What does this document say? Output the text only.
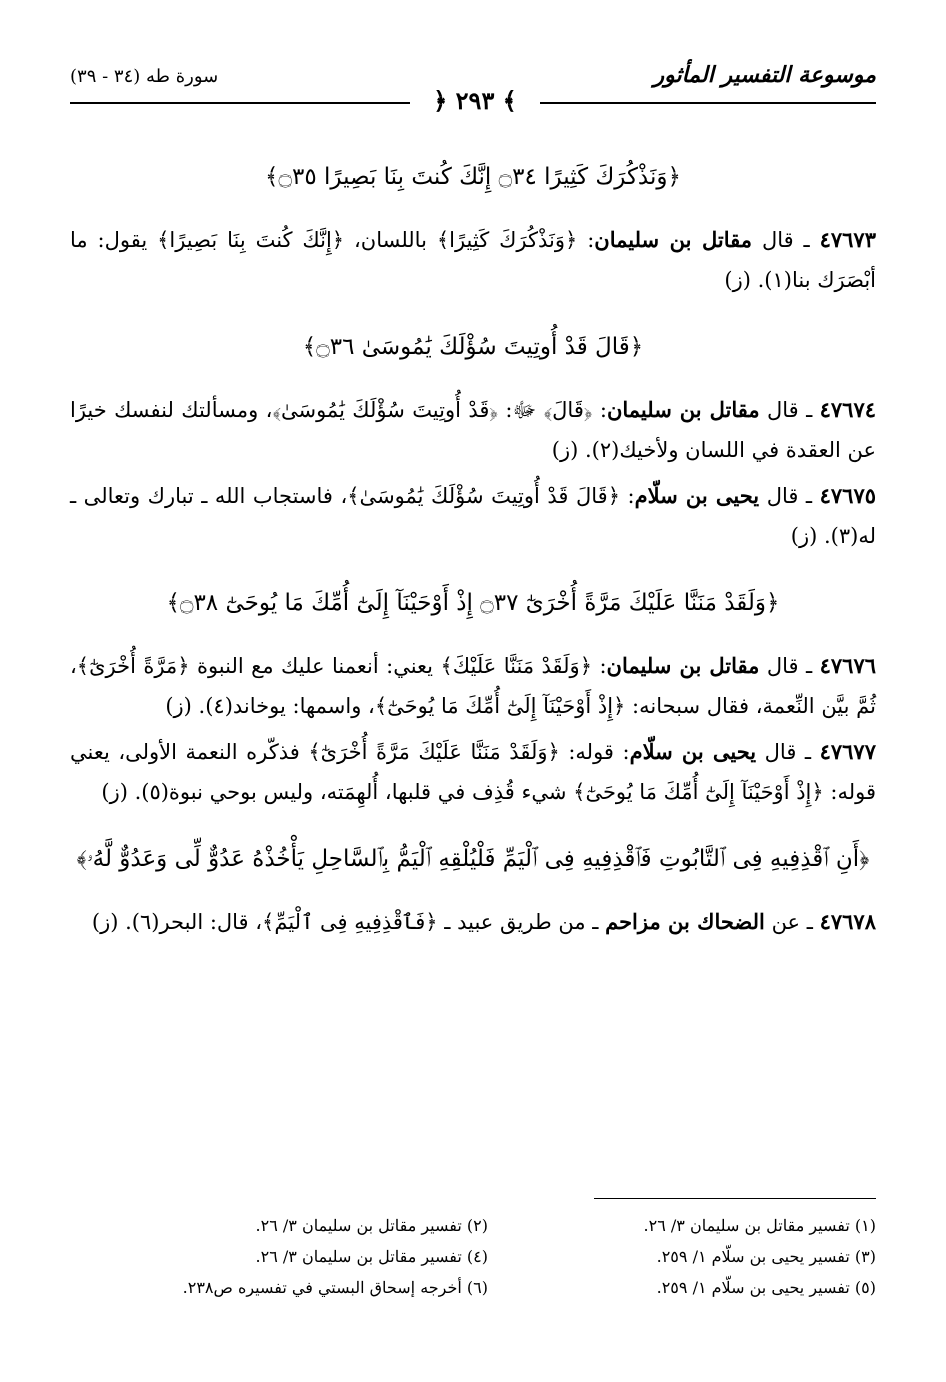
موسوعة التفسير المأثور
سورة طه (٣٤ - ٣٩)
﴿ ٢٩٣ ﴾

﴿وَنَذْكُرَكَ كَثِيرًا ۝٣٤ إِنَّكَ كُنتَ بِنَا بَصِيرًا ۝٣٥﴾

٤٧٦٧٣ ـ قال مقاتل بن سليمان: ﴿وَنَذْكُرَكَ كَثِيرًا﴾ باللسان، ﴿إِنَّكَ كُنتَ بِنَا بَصِيرًا﴾ يقول: ما أبْصَرَك بنا(١). (ز)

﴿قَالَ قَدْ أُوتِيتَ سُؤْلَكَ يَٰمُوسَىٰ ۝٣٦﴾

٤٧٦٧٤ ـ قال مقاتل بن سليمان: ﴿قَالَ﴾ ﷻ: ﴿قَدْ أُوتِيتَ سُؤْلَكَ يَٰمُوسَىٰ﴾، ومسألتك لنفسك خيرًا عن العقدة في اللسان ولأخيك(٢). (ز)

٤٧٦٧٥ ـ قال يحيى بن سلّام: ﴿قَالَ قَدْ أُوتِيتَ سُؤْلَكَ يَٰمُوسَىٰ﴾، فاستجاب الله ـ تبارك وتعالى ـ له(٣). (ز)

﴿وَلَقَدْ مَنَنَّا عَلَيْكَ مَرَّةً أُخْرَىٰٓ ۝٣٧ إِذْ أَوْحَيْنَآ إِلَىٰٓ أُمِّكَ مَا يُوحَىٰٓ ۝٣٨﴾

٤٧٦٧٦ ـ قال مقاتل بن سليمان: ﴿وَلَقَدْ مَنَنَّا عَلَيْكَ﴾ يعني: أنعمنا عليك مع النبوة ﴿مَرَّةً أُخْرَىٰٓ﴾، ثُمَّ بيَّن النِّعمة، فقال سبحانه: ﴿إِذْ أَوْحَيْنَآ إِلَىٰٓ أُمِّكَ مَا يُوحَىٰٓ﴾، واسمها: يوخاند(٤). (ز)

٤٧٦٧٧ ـ قال يحيى بن سلّام: قوله: ﴿وَلَقَدْ مَنَنَّا عَلَيْكَ مَرَّةً أُخْرَىٰٓ﴾ فذكّره النعمة الأولى، يعني قوله: ﴿إِذْ أَوْحَيْنَآ إِلَىٰٓ أُمِّكَ مَا يُوحَىٰٓ﴾ شيء قُذِف في قلبها، أُلهِمَته، وليس بوحي نبوة(٥). (ز)

﴿أَنِ ٱقْذِفِيهِ فِى ٱلتَّابُوتِ فَٱقْذِفِيهِ فِى ٱلْيَمِّ فَلْيُلْقِهِ ٱلْيَمُّ بِٱلسَّاحِلِ يَأْخُذْهُ عَدُوٌّ لِّى وَعَدُوٌّ لَّهُۥ﴾

٤٧٦٧٨ ـ عن الضحاك بن مزاحم ـ من طريق عبيد ـ ﴿فَٱقْذِفِيهِ فِى ٱلْيَمِّ﴾، قال: البحر(٦). (ز)

(١) تفسير مقاتل بن سليمان ٣/ ٢٦.
(٢) تفسير مقاتل بن سليمان ٣/ ٢٦.
(٣) تفسير يحيى بن سلّام ١/ ٢٥٩.
(٤) تفسير مقاتل بن سليمان ٣/ ٢٦.
(٥) تفسير يحيى بن سلّام ١/ ٢٥٩.
(٦) أخرجه إسحاق البستي في تفسيره ص٢٣٨.
